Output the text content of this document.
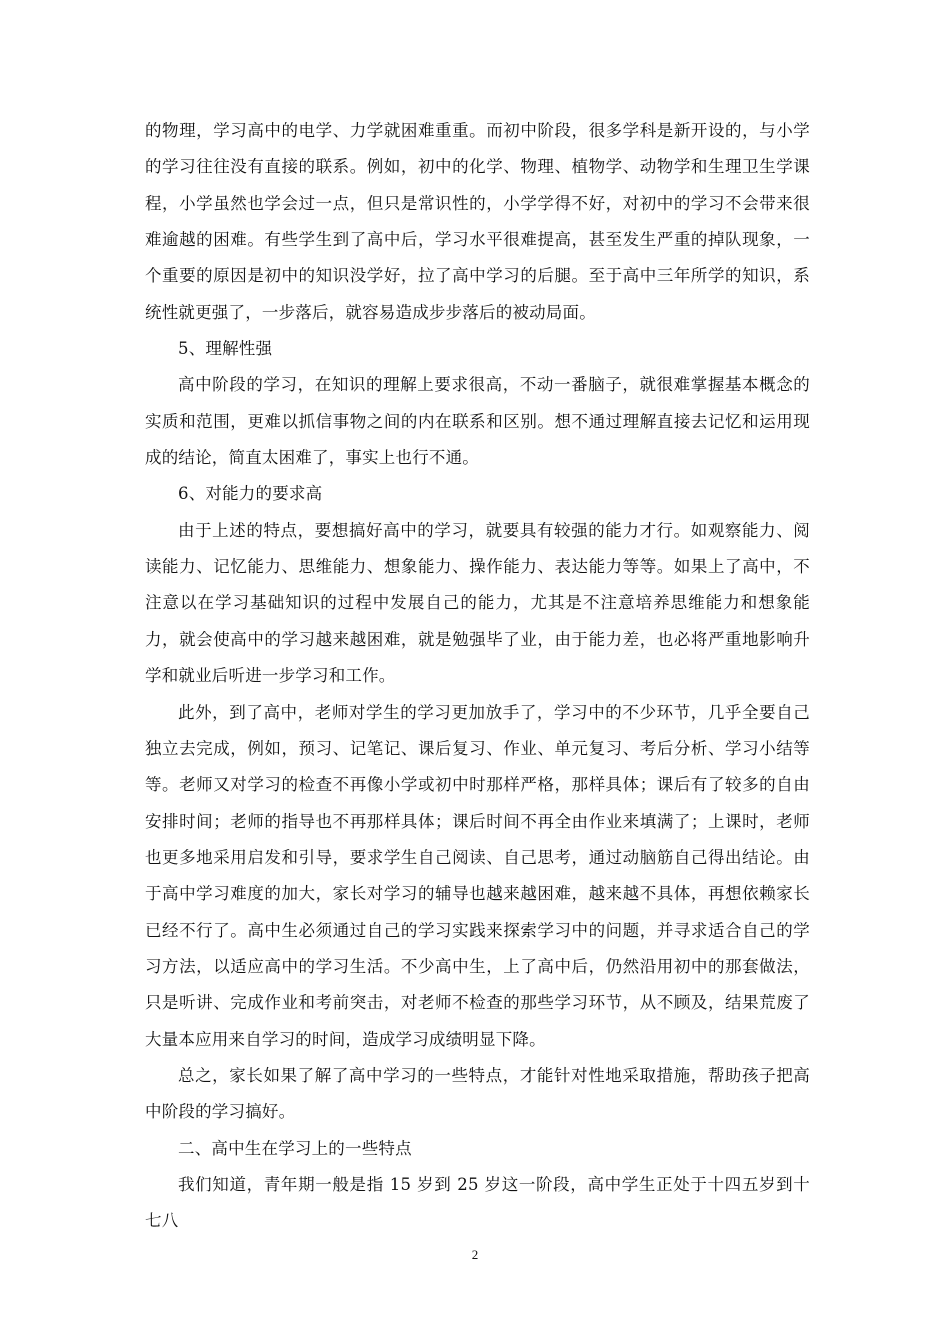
的物理，学习高中的电学、力学就困难重重。而初中阶段，很多学科是新开设的，与小学的学习往往没有直接的联系。例如，初中的化学、物理、植物学、动物学和生理卫生学课程，小学虽然也学会过一点，但只是常识性的，小学学得不好，对初中的学习不会带来很难逾越的困难。有些学生到了高中后，学习水平很难提高，甚至发生严重的掉队现象，一个重要的原因是初中的知识没学好，拉了高中学习的后腿。至于高中三年所学的知识，系统性就更强了，一步落后，就容易造成步步落后的被动局面。

5、理解性强

高中阶段的学习，在知识的理解上要求很高，不动一番脑子，就很难掌握基本概念的实质和范围，更难以抓信事物之间的内在联系和区别。想不通过理解直接去记忆和运用现成的结论，简直太困难了，事实上也行不通。

6、对能力的要求高

由于上述的特点，要想搞好高中的学习，就要具有较强的能力才行。如观察能力、阅读能力、记忆能力、思维能力、想象能力、操作能力、表达能力等等。如果上了高中，不注意以在学习基础知识的过程中发展自己的能力，尤其是不注意培养思维能力和想象能力，就会使高中的学习越来越困难，就是勉强毕了业，由于能力差，也必将严重地影响升学和就业后听进一步学习和工作。

此外，到了高中，老师对学生的学习更加放手了，学习中的不少环节，几乎全要自己独立去完成，例如，预习、记笔记、课后复习、作业、单元复习、考后分析、学习小结等等。老师又对学习的检查不再像小学或初中时那样严格，那样具体；课后有了较多的自由安排时间；老师的指导也不再那样具体；课后时间不再全由作业来填满了；上课时，老师也更多地采用启发和引导，要求学生自己阅读、自己思考，通过动脑筋自己得出结论。由于高中学习难度的加大，家长对学习的辅导也越来越困难，越来越不具体，再想依赖家长已经不行了。高中生必须通过自己的学习实践来探索学习中的问题，并寻求适合自己的学习方法，以适应高中的学习生活。不少高中生，上了高中后，仍然沿用初中的那套做法，只是听讲、完成作业和考前突击，对老师不检查的那些学习环节，从不顾及，结果荒废了大量本应用来自学习的时间，造成学习成绩明显下降。

总之，家长如果了解了高中学习的一些特点，才能针对性地采取措施，帮助孩子把高中阶段的学习搞好。

二、高中生在学习上的一些特点

我们知道，青年期一般是指 15 岁到 25 岁这一阶段，高中学生正处于十四五岁到十七八

2
